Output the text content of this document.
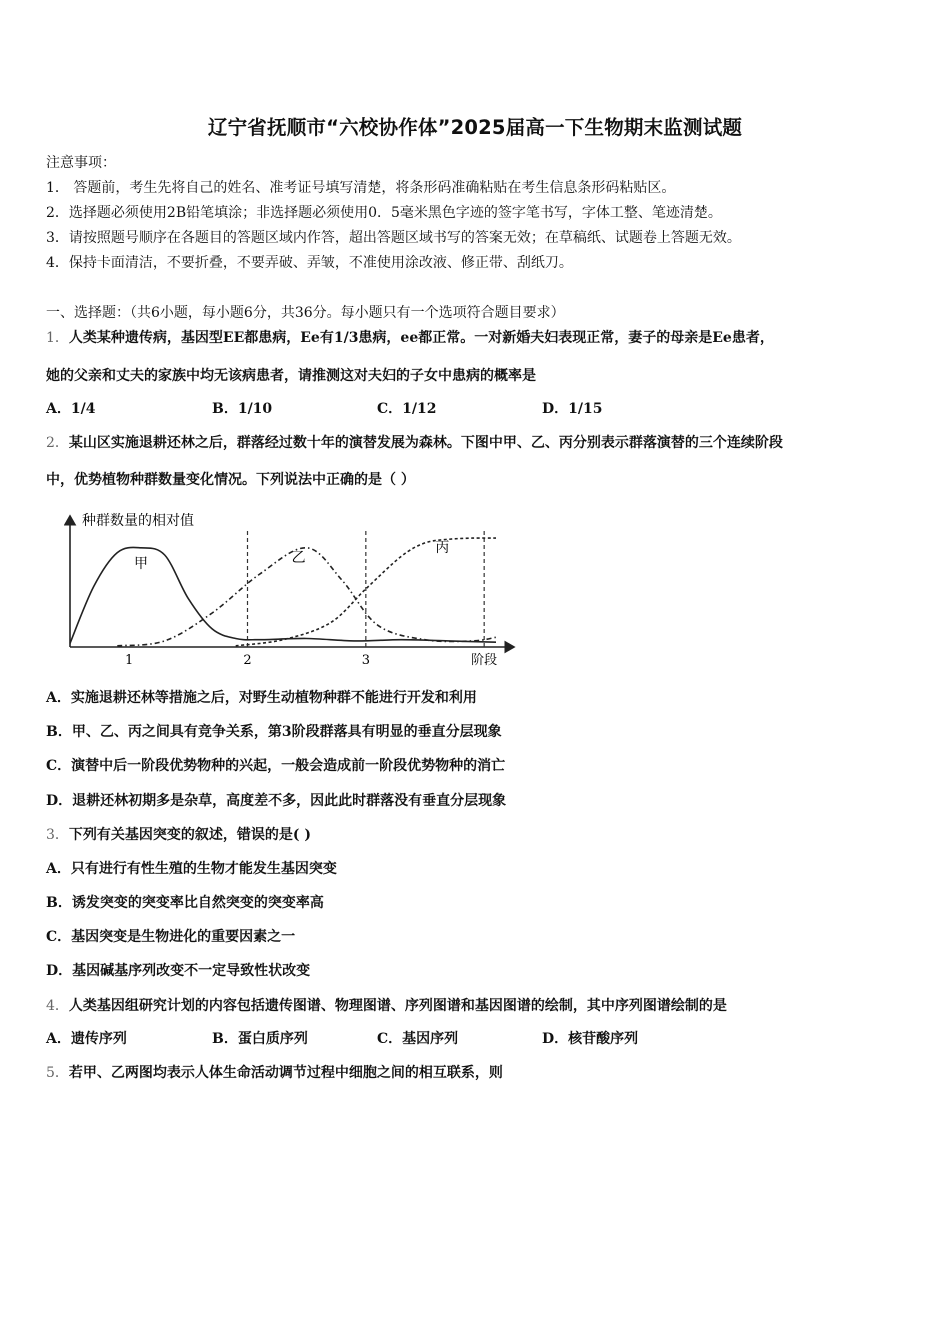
辽宁省抚顺市“六校协作体”2025届高一下生物期末监测试题
注意事项：
1． 答题前，考生先将自己的姓名、准考证号填写清楚，将条形码准确粘贴在考生信息条形码粘贴区。
2．选择题必须使用2B铅笔填涂；非选择题必须使用0．5毫米黑色字迹的签字笔书写，字体工整、笔迹清楚。
3．请按照题号顺序在各题目的答题区域内作答，超出答题区域书写的答案无效；在草稿纸、试题卷上答题无效。
4．保持卡面清洁，不要折叠，不要弄破、弄皱，不准使用涂改液、修正带、刮纸刀。
一、选择题：（共6小题，每小题6分，共36分。每小题只有一个选项符合题目要求）
1．人类某种遗传病，基因型EE都患病，Ee有1/3患病，ee都正常。一对新婚夫妇表现正常，妻子的母亲是Ee患者，
她的父亲和丈夫的家族中均无该病患者，请推测这对夫妇的子女中患病的概率是
A．1/4	B．1/10	C．1/12	D．1/15
2．某山区实施退耕还林之后，群落经过数十年的演替发展为森林。下图中甲、乙、丙分别表示群落演替的三个连续阶段
中，优势植物种群数量变化情况。下列说法中正确的是（ ）
种群数量的相对值
1	2	3	阶段
甲	乙
丙
A．实施退耕还林等措施之后，对野生动植物种群不能进行开发和利用
B．甲、乙、丙之间具有竞争关系，第3阶段群落具有明显的垂直分层现象
C．演替中后一阶段优势物种的兴起，一般会造成前一阶段优势物种的消亡
D．退耕还林初期多是杂草，高度差不多，因此此时群落没有垂直分层现象
3．下列有关基因突变的叙述，错误的是( )
A．只有进行有性生殖的生物才能发生基因突变
B．诱发突变的突变率比自然突变的突变率高
C．基因突变是生物进化的重要因素之一
D．基因碱基序列改变不一定导致性状改变
4．人类基因组研究计划的内容包括遗传图谱、物理图谱、序列图谱和基因图谱的绘制，其中序列图谱绘制的是
A．遗传序列	B．蛋白质序列	C．基因序列	D．核苷酸序列
5．若甲、乙两图均表示人体生命活动调节过程中细胞之间的相互联系，则
